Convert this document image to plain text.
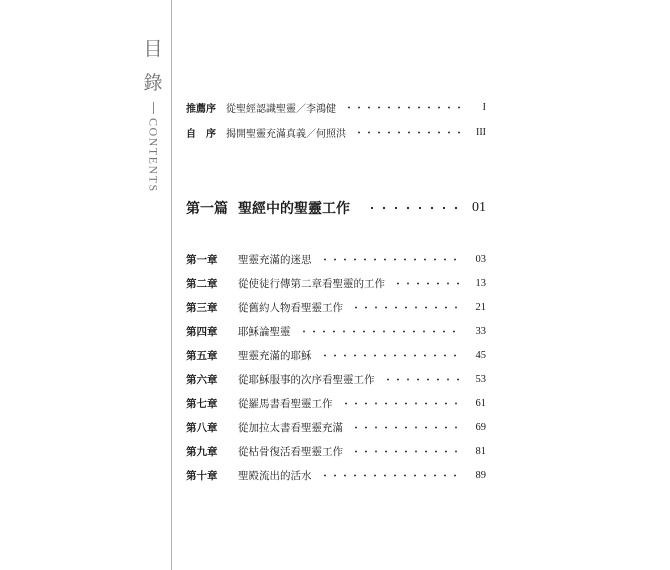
目
錄
CONTENTS
推薦序	從聖經認識聖靈／李鴻健	I
自　序	揭開聖靈充滿真義／何照洪	III
第一篇 聖經中的聖靈工作	01
第一章	聖靈充滿的迷思	03
第二章	從使徒行傳第二章看聖靈的工作	13
第三章	從舊約人物看聖靈工作	21
第四章	耶穌論聖靈	33
第五章	聖靈充滿的耶穌	45
第六章	從耶穌服事的次序看聖靈工作	53
第七章	從羅馬書看聖靈工作	61
第八章	從加拉太書看聖靈充滿	69
第九章	從枯骨復活看聖靈工作	81
第十章	聖殿流出的活水	89
